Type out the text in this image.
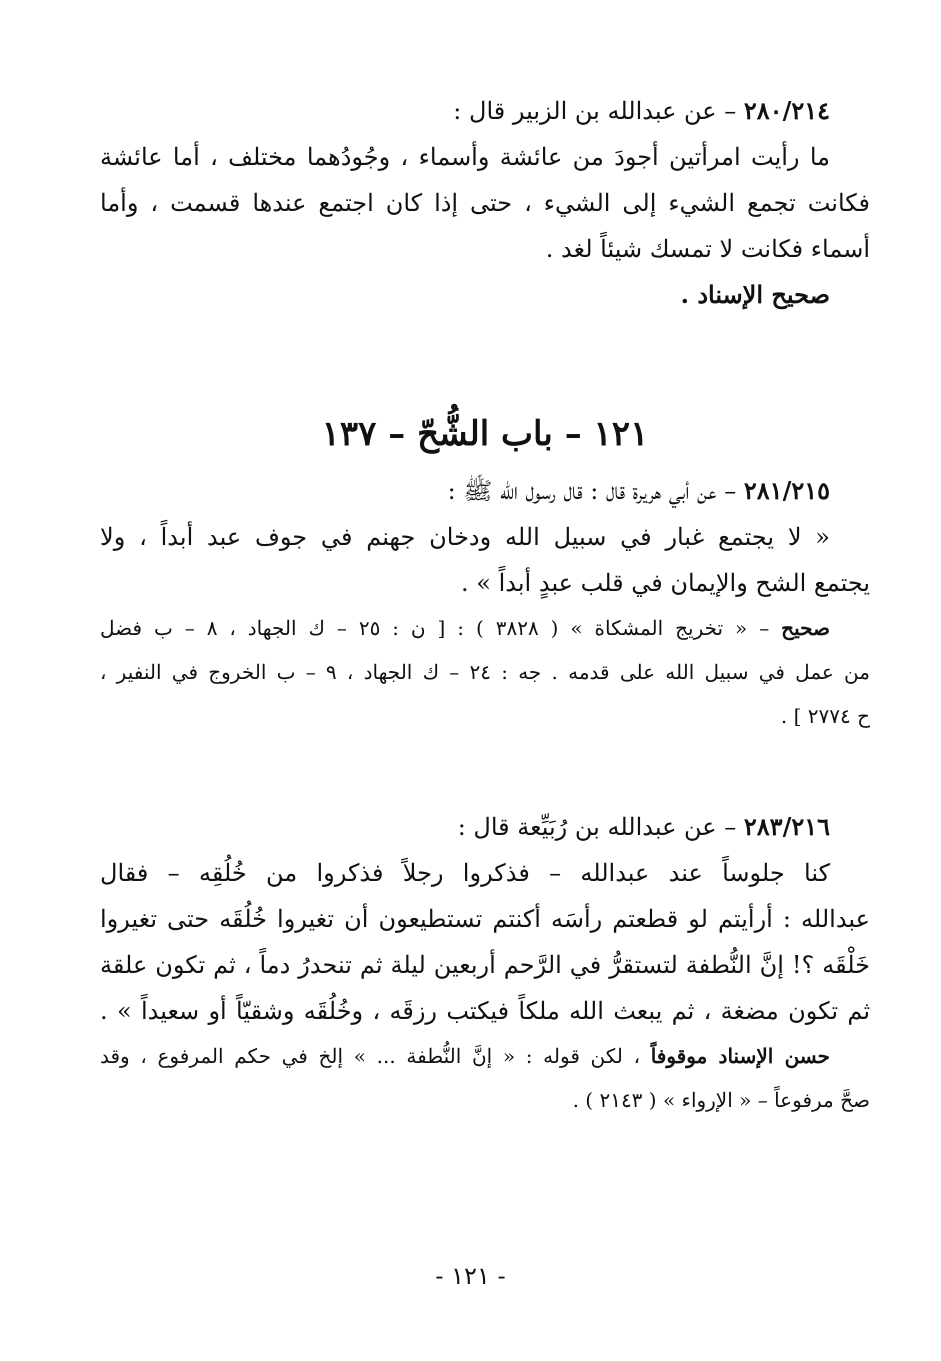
٢٨٠/٢١٤ – عن عبدالله بن الزبير قال :
ما رأيت امرأتين أجودَ من عائشة وأسماء ، وجُودُهما مختلف ، أما عائشة
فكانت تجمع الشيء إلى الشيء ، حتى إذا كان اجتمع عندها قسمت ، وأما
أسماء فكانت لا تمسك شيئاً لغد .
صحيح الإسناد .
١٢١ – باب الشُّحّ – ١٣٧
٢٨١/٢١٥ – عن أبي هريرة قال : قال رسول الله ﷺ :
« لا يجتمع غبار في سبيل الله ودخان جهنم في جوف عبد أبداً ، ولا
يجتمع الشح والإيمان في قلب عبدٍ أبداً » .
صحيح – « تخريج المشكاة » ( ٣٨٢٨ ) : [ ن : ٢٥ – ك الجهاد ، ٨ – ب فضل
من عمل في سبيل الله على قدمه . جه : ٢٤ – ك الجهاد ، ٩ – ب الخروج في النفير ،
ح ٢٧٧٤ ] .
٢٨٣/٢١٦ – عن عبدالله بن رُبَيِّعة قال :
كنا جلوساً عند عبدالله – فذكروا رجلاً فذكروا من خُلُقِه – فقال
عبدالله : أرأيتم لو قطعتم رأسَه أكنتم تستطيعون أن تغيروا خُلُقَه حتى تغيروا
خَلْقَه ؟! إنَّ النُّطفة لتستقرُّ في الرَّحم أربعين ليلة ثم تنحدرُ دماً ، ثم تكون علقة
ثم تكون مضغة ، ثم يبعث الله ملكاً فيكتب رزقَه ، وخُلُقَه وشقيّاً أو سعيداً » .
حسن الإسناد موقوفاً ، لكن قوله : « إنَّ النُّطفة ... » إلخ في حكم المرفوع ، وقد
صحَّ مرفوعاً – « الإرواء » ( ٢١٤٣ ) .
- ١٢١ -
